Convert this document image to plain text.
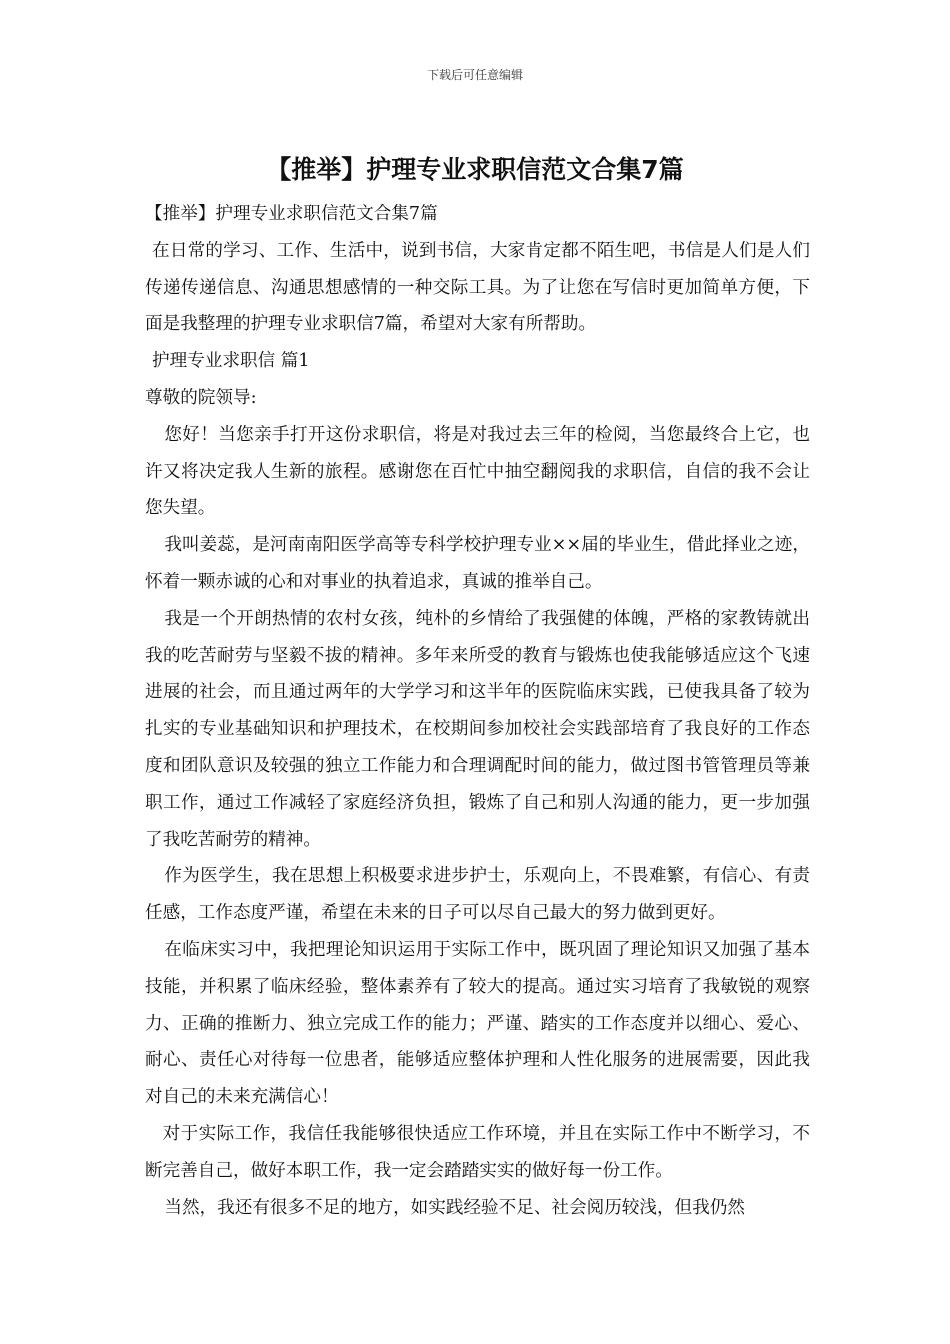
下载后可任意编辑
【推举】护理专业求职信范文合集7篇

【推举】护理专业求职信范文合集7篇

在日常的学习、工作、生活中，说到书信，大家肯定都不陌生吧，书信是人们是人们传递传递信息、沟通思想感情的一种交际工具。为了让您在写信时更加简单方便，下面是我整理的护理专业求职信7篇，希望对大家有所帮助。

护理专业求职信 篇1

尊敬的院领导:

您好！当您亲手打开这份求职信，将是对我过去三年的检阅，当您最终合上它，也许又将决定我人生新的旅程。感谢您在百忙中抽空翻阅我的求职信，自信的我不会让您失望。

我叫姜蕊，是河南南阳医学高等专科学校护理专业××届的毕业生，借此择业之迹，怀着一颗赤诚的心和对事业的执着追求，真诚的推举自己。

我是一个开朗热情的农村女孩，纯朴的乡情给了我强健的体魄，严格的家教铸就出我的吃苦耐劳与坚毅不拔的精神。多年来所受的教育与锻炼也使我能够适应这个飞速进展的社会，而且通过两年的大学学习和这半年的医院临床实践，已使我具备了较为扎实的专业基础知识和护理技术，在校期间参加校社会实践部培育了我良好的工作态度和团队意识及较强的独立工作能力和合理调配时间的能力，做过图书管管理员等兼职工作，通过工作减轻了家庭经济负担，锻炼了自己和别人沟通的能力，更一步加强了我吃苦耐劳的精神。

作为医学生，我在思想上积极要求进步护士，乐观向上，不畏难繁，有信心、有责任感，工作态度严谨，希望在未来的日子可以尽自己最大的努力做到更好。

在临床实习中，我把理论知识运用于实际工作中，既巩固了理论知识又加强了基本技能，并积累了临床经验，整体素养有了较大的提高。通过实习培育了我敏锐的观察力、正确的推断力、独立完成工作的能力；严谨、踏实的工作态度并以细心、爱心、耐心、责任心对待每一位患者，能够适应整体护理和人性化服务的进展需要，因此我对自己的未来充满信心！

对于实际工作，我信任我能够很快适应工作环境，并且在实际工作中不断学习，不断完善自己，做好本职工作，我一定会踏踏实实的做好每一份工作。

当然，我还有很多不足的地方，如实践经验不足、社会阅历较浅，但我仍然
